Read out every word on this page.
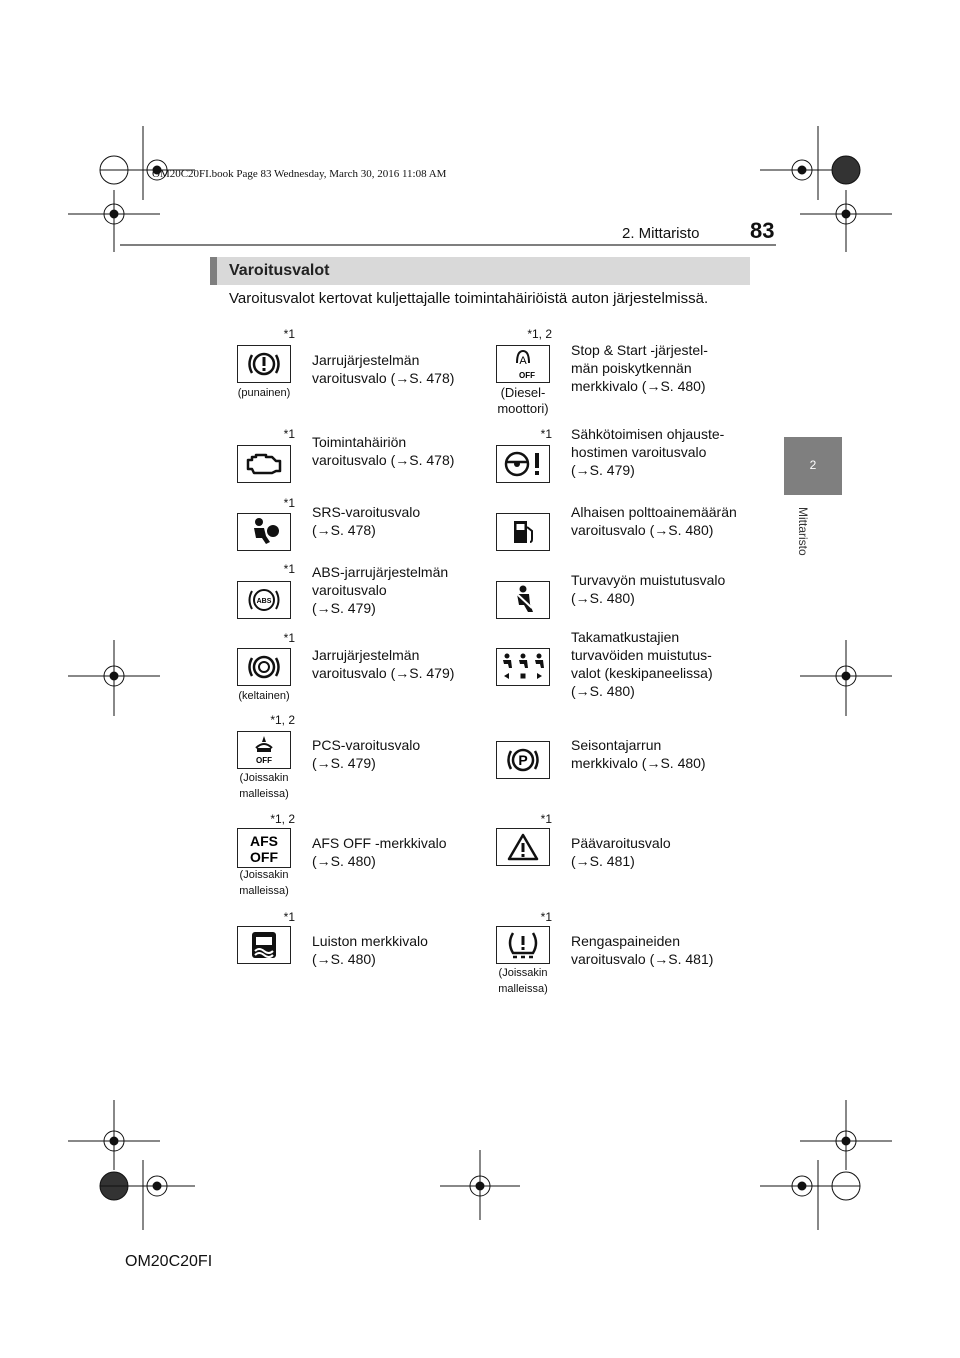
OM20C20FI.book Page 83 Wednesday, March 30, 2016 11:08 AM
2. Mittaristo 83
2
Mittaristo
Varoitusvalot
Varoitusvalot kertovat kuljettajalle toimintahäiriöistä auton järjestelmissä.
*1
(punainen)
Jarrujärjestelmän
varoitusvalo (→S. 478)
*1 Toimintahäiriön
varoitusvalo (→S. 478)
*1
SRS-varoitusvalo
(→S. 478)
*1
ABS
ABS-jarrujärjestelmän
varoitusvalo
(→S. 479)
*1
(keltainen)
Jarrujärjestelmän
varoitusvalo (→S. 479)
*1, 2
OFF
(Joissakin
malleissa)
PCS-varoitusvalo
(→S. 479)
*1, 2
AFS
OFF
(Joissakin
malleissa)
AFS OFF -merkkivalo
(→S. 480)
*1
Luiston merkkivalo
(→S. 480)
*1, 2
A
OFF
(Diesel-
moottori)
Stop & Start -järjestel-
män poiskytkennän
merkkivalo (→S. 480)
*1 Sähkötoimisen ohjauste-
hostimen varoitusvalo
(→S. 479)
Alhaisen polttoainemäärän
varoitusvalo (→S. 480)
Turvavyön muistutusvalo
(→S. 480)
Takamatkustajien
turvavöiden muistutus-
valot (keskipaneelissa)
(→S. 480)
P
Seisontajarrun
merkkivalo (→S. 480)
*1
Päävaroitusvalo
(→S. 481)
*1
(Joissakin
malleissa)
Rengaspaineiden
varoitusvalo (→S. 481)
OM20C20FI
